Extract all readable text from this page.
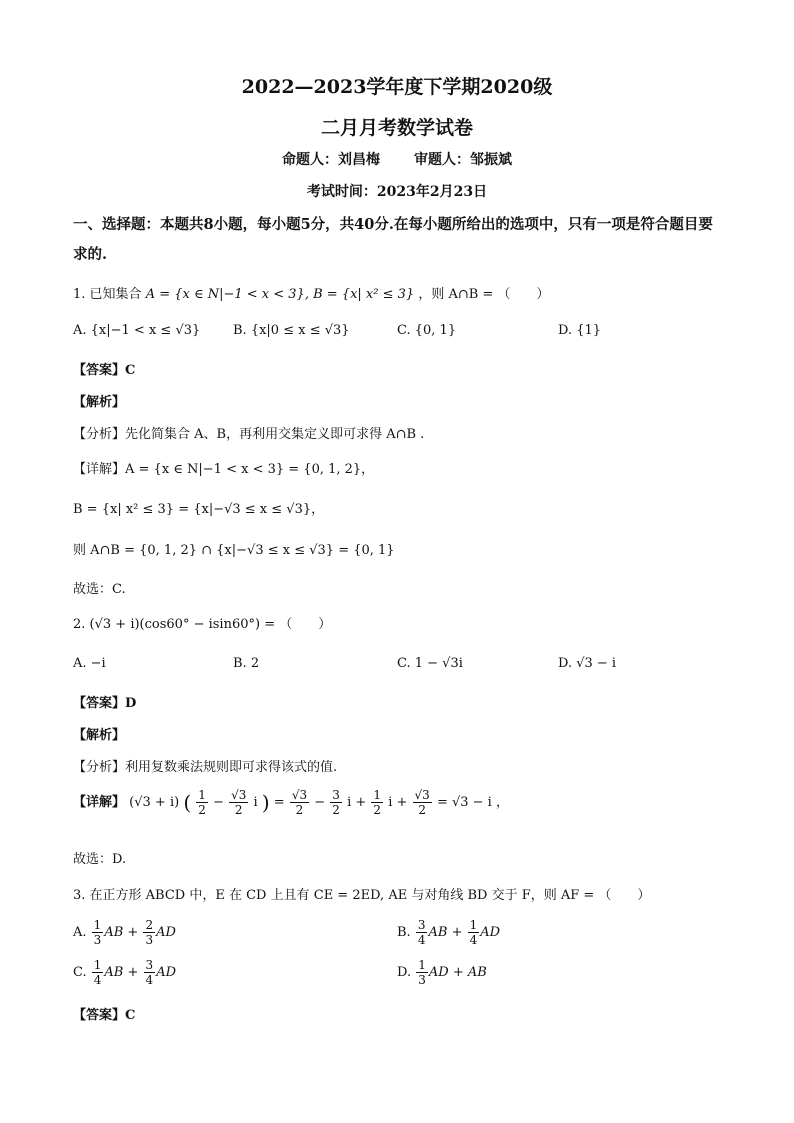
2022—2023学年度下学期2020级
二月月考数学试卷
命题人：刘昌梅 审题人：邹振斌
考试时间：2023年2月23日
一、选择题：本题共8小题，每小题5分，共40分.在每小题所给出的选项中，只有一项是符合题目要求的.
1. 已知集合 A = {x ∈ N|−1 < x < 3}, B = {x| x² ≤ 3} ，则 A∩B = （　　）
A. {x|−1 < x ≤ √3}	B. {x|0 ≤ x ≤ √3}	C. {0, 1}	D. {1}
【答案】C
【解析】
【分析】先化简集合 A、B，再利用交集定义即可求得 A∩B .
【详解】A = {x ∈ N|−1 < x < 3} = {0, 1, 2}，
B = {x| x² ≤ 3} = {x|−√3 ≤ x ≤ √3}，
则 A∩B = {0, 1, 2} ∩ {x|−√3 ≤ x ≤ √3} = {0, 1}
故选：C.
2. (√3 + i)(cos60° − isin60°) = （　　）
A. −i	B. 2	C. 1 − √3i	D. √3 − i
【答案】D
【解析】
【分析】利用复数乘法规则即可求得该式的值.
【详解】 (√3 + i) ( $\frac{1}{2} - \frac{√3}{2}$ i ) = $\frac{√3}{2} - \frac{3}{2}$ $i + \frac{1}{2}$ $i + \frac{√3}{2} = √3 - i$ ，
故选：D.
3. 在正方形 ABCD 中，E 在 CD 上且有 CE = 2ED, AE 与对角线 BD 交于 F，则 AF = （　　）
A. $\frac{1}{3}$ AB + $\frac{2}{3}$ AD	B. $\frac{3}{4}$ AB + $\frac{1}{4}$ AD
C. $\frac{1}{4}$ AB + $\frac{3}{4}$ AD	D. $\frac{1}{3}$ AD + AB
【答案】C
